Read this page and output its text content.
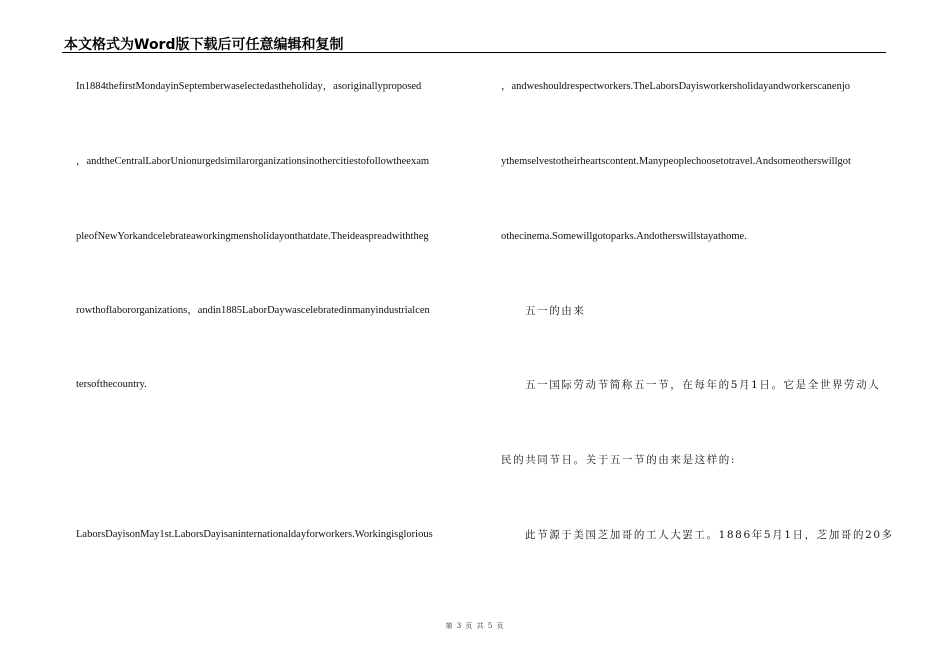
本文格式为Word版下载后可任意编辑和复制
In1884thefirstMondayinSeptemberwaselectedastheholiday，asoriginallyproposed
，andtheCentralLaborUnionurgedsimilarorganizationsinothercitiestofollowtheexam
pleofNewYorkandcelebrateaworkingmensholidayonthatdate.Theideaspreadwiththeg
rowthoflabororganizations，andin1885LaborDaywascelebratedinmanyindustrialcen
tersofthecountry.
LaborsDayisonMay1st.LaborsDayisaninternationaldayforworkers.Workingisglorious
，andweshouldrespectworkers.TheLaborsDayisworkersholidayandworkerscanenjo
ythemselvestotheirheartscontent.Manypeoplechoosetotravel.Andsomeotherswillgot
othecinema.Somewillgotoparks.Andotherswillstayathome.
五一的由来
五一国际劳动节简称五一节，在每年的5月1日。它是全世界劳动人
民的共同节日。关于五一节的由来是这样的:
此节源于美国芝加哥的工人大罢工。1886年5月1日，芝加哥的20多
第 3 页 共 5 页
